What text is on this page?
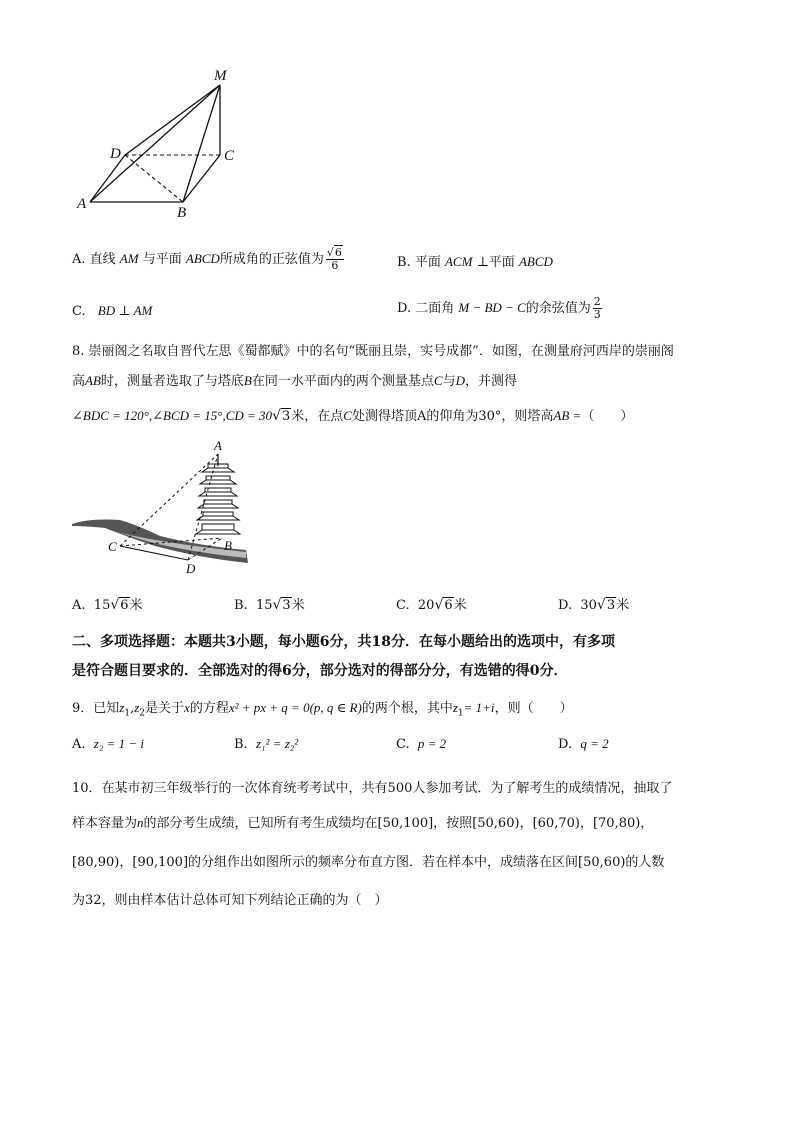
M
D	C
A
B
A. 直线 AM 与平面 ABCD所成角的正弦值为 $\frac{√6}{6}$	B. 平面 ACM ⊥平面 ABCD
C. BD ⊥ AM	D. 二面角 M − BD − C的余弦值为 $\frac{2}{3}$
8. 崇丽阁之名取自晋代左思《蜀都赋》中的名句“既丽且崇，实号成都”．如图，在测量府河西岸的崇丽阁
高AB时，测量者选取了与塔底B在同一水平面内的两个测量基点C与D，并测得
∠BDC = 120°,∠BCD = 15°,CD = 30√3米，在点C处测得塔顶A的仰角为30°，则塔高AB =（　　）
A
B
C
D
A. 15√6米	B. 15√3米	C. 20√6米	D. 30√3米
二、多项选择题：本题共3小题，每小题6分，共18分．在每小题给出的选项中，有多项
是符合题目要求的．全部选对的得6分，部分选对的得部分分，有选错的得0分．
9．已知$z_1,z_2$是关于x的方程x² + px + q = 0(p, q ∈ R)的两个根，其中$z_1= 1+i$，则（　　）
A. z₂ = 1 − i	B. z₁² = z₂²	C. p = 2	D. q = 2
10．在某市初三年级举行的一次体育统考考试中，共有500人参加考试．为了解考生的成绩情况，抽取了
样本容量为n的部分考生成绩，已知所有考生成绩均在[50,100]，按照[50,60)，[60,70)，[70,80)，
[80,90)，[90,100]的分组作出如图所示的频率分布直方图．若在样本中，成绩落在区间[50,60)的人数
为32，则由样本估计总体可知下列结论正确的为（　）
